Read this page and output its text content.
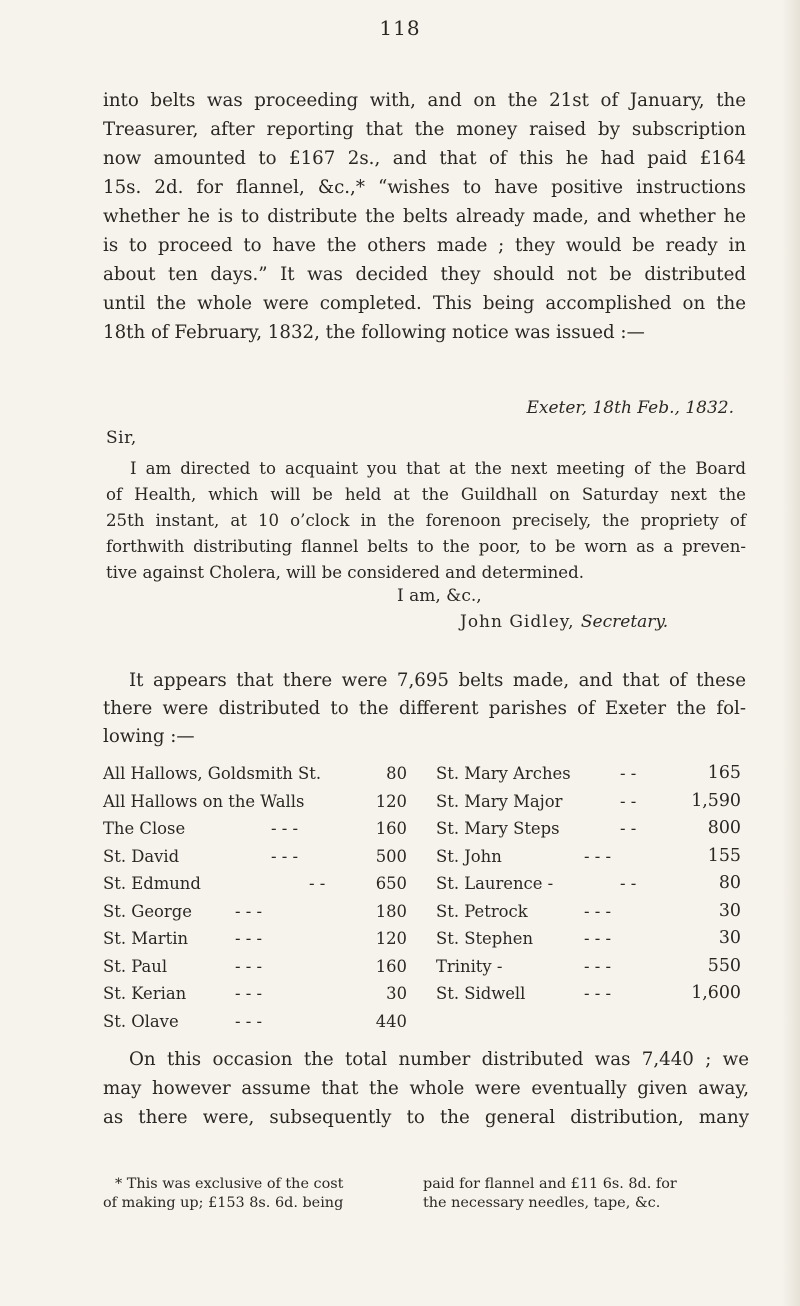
118
into belts was proceeding with, and on the 21st of January, the
Treasurer, after reporting that the money raised by subscription
now amounted to £167 2s., and that of this he had paid £164
15s. 2d. for flannel, &c.,* “wishes to have positive instructions
whether he is to distribute the belts already made, and whether he
is to proceed to have the others made ; they would be ready in
about ten days.” It was decided they should not be distributed
until the whole were completed. This being accomplished on the
18th of February, 1832, the following notice was issued :—
Exeter, 18th Feb., 1832.
Sir,
I am directed to acquaint you that at the next meeting of the Board
of Health, which will be held at the Guildhall on Saturday next the
25th instant, at 10 o’clock in the forenoon precisely, the propriety of
forthwith distributing flannel belts to the poor, to be worn as a preven-
tive against Cholera, will be considered and determined.
I am, &c.,
John Gidley, Secretary.
It appears that there were 7,695 belts made, and that of these
there were distributed to the different parishes of Exeter the fol-
lowing :—
All Hallows, Goldsmith St.	80
All Hallows on the Walls	120
The Close	- - -	160
St. David	- - -	500
St. Edmund	- -	650
St. George	- - -	180
St. Martin	- - -	120
St. Paul	- - -	160
St. Kerian	- - -	30
St. Olave	- - -	440
St. Mary Arches	- -	165
St. Mary Major	- -	1,590
St. Mary Steps	- -	800
St. John	- - -	155
St. Laurence -	- -	80
St. Petrock	- - -	30
St. Stephen	- - -	30
Trinity -	- - -	550
St. Sidwell	- - -	1,600
On this occasion the total number distributed was 7,440 ; we
may however assume that the whole were eventually given away,
as there were, subsequently to the general distribution, many
* This was exclusive of the cost
of making up; £153 8s. 6d. being
paid for flannel and £11 6s. 8d. for
the necessary needles, tape, &c.
